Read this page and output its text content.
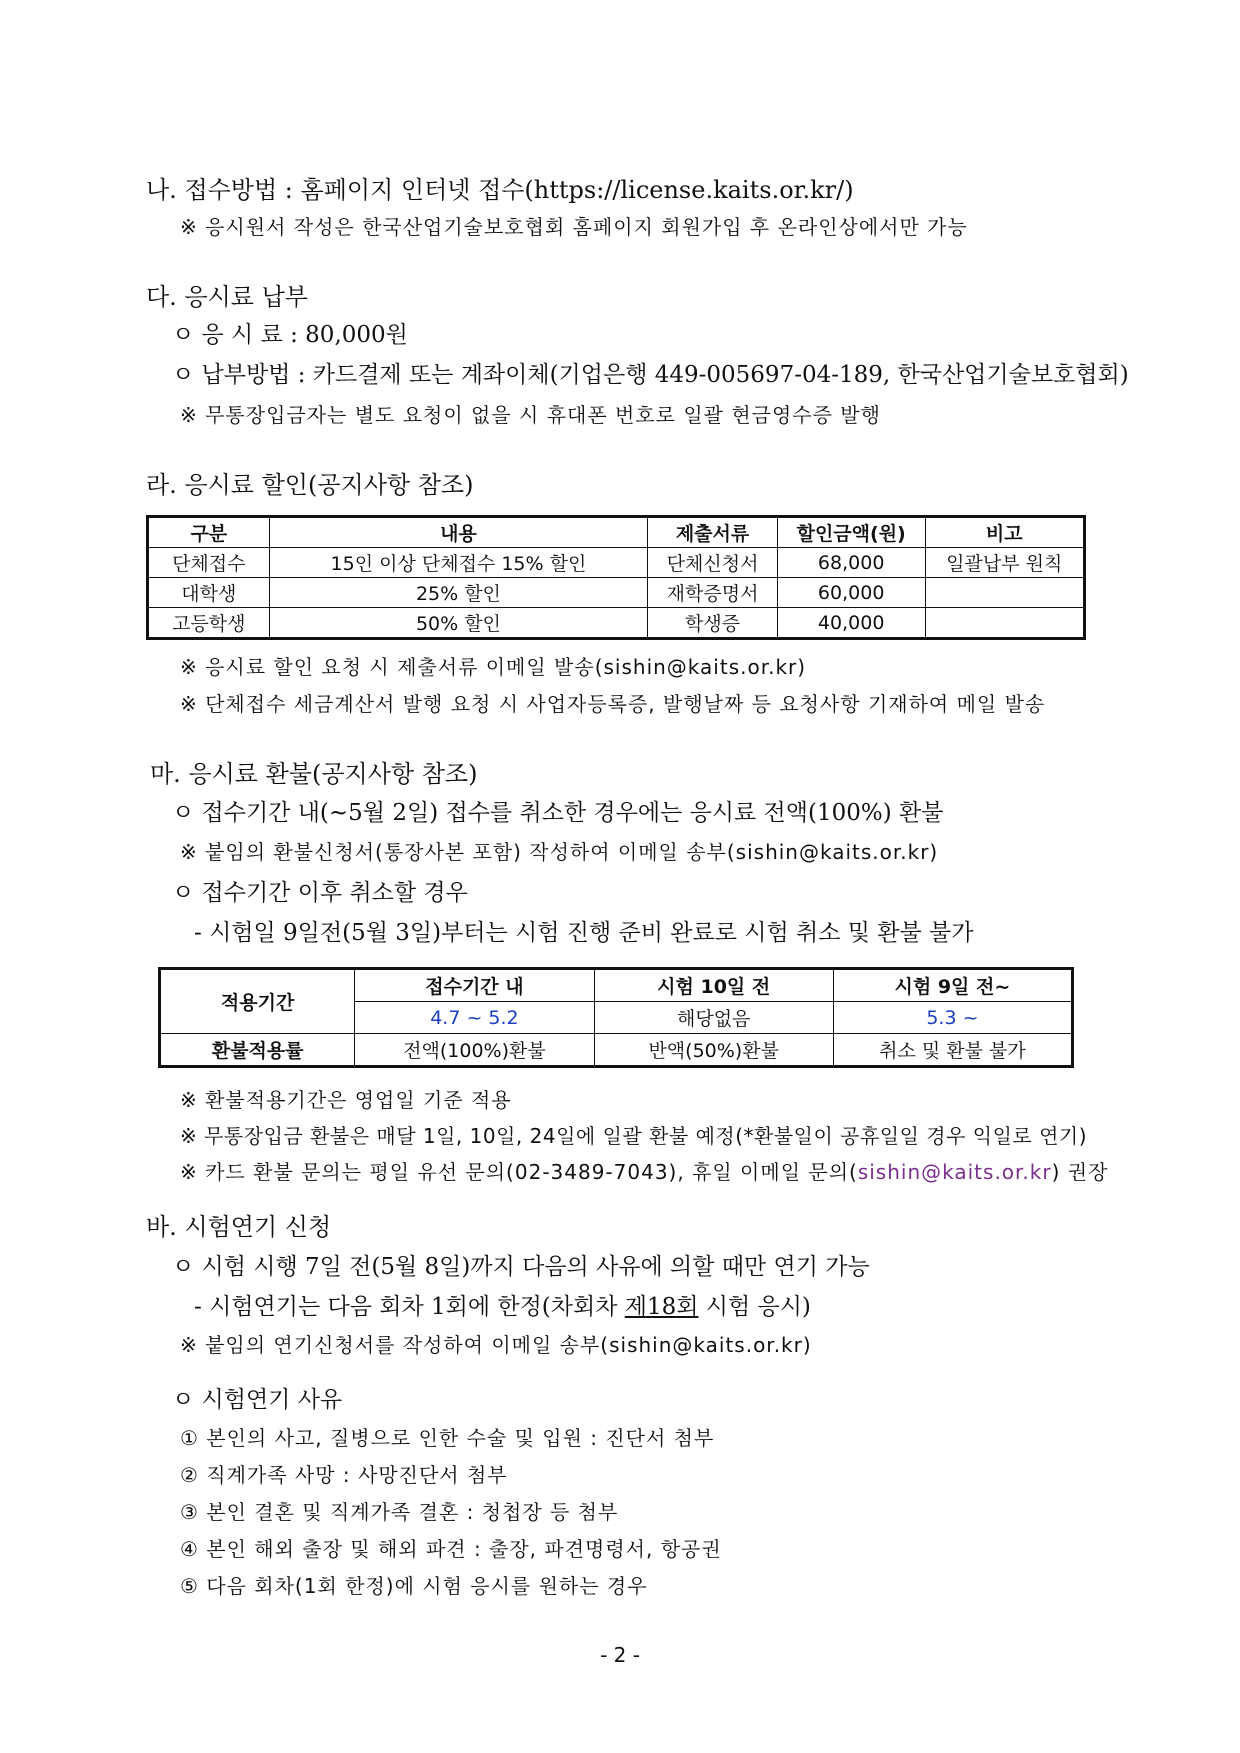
나. 접수방법 : 홈페이지 인터넷 접수(https://license.kaits.or.kr/)
※ 응시원서 작성은 한국산업기술보호협회 홈페이지 회원가입 후 온라인상에서만 가능
다. 응시료 납부
ㅇ 응 시 료 : 80,000원
ㅇ 납부방법 : 카드결제 또는 계좌이체(기업은행 449-005697-04-189, 한국산업기술보호협회)
※ 무통장입금자는 별도 요청이 없을 시 휴대폰 번호로 일괄 현금영수증 발행
라. 응시료 할인(공지사항 참조)
구분	내용	제출서류	할인금액(원)	비고
단체접수	15인 이상 단체접수 15% 할인	단체신청서	68,000	일괄납부 원칙
대학생	25% 할인	재학증명서	60,000	
고등학생	50% 할인	학생증	40,000	
※ 응시료 할인 요청 시 제출서류 이메일 발송(sishin@kaits.or.kr)
※ 단체접수 세금계산서 발행 요청 시 사업자등록증, 발행날짜 등 요청사항 기재하여 메일 발송
마. 응시료 환불(공지사항 참조)
ㅇ 접수기간 내(~5월 2일) 접수를 취소한 경우에는 응시료 전액(100%) 환불
※ 붙임의 환불신청서(통장사본 포함) 작성하여 이메일 송부(sishin@kaits.or.kr)
ㅇ 접수기간 이후 취소할 경우
- 시험일 9일전(5월 3일)부터는 시험 진행 준비 완료로 시험 취소 및 환불 불가
적용기간	접수기간 내	시험 10일 전	시험 9일 전~
	4.7 ~ 5.2	해당없음	5.3 ~
환불적용률	전액(100%)환불	반액(50%)환불	취소 및 환불 불가
※ 환불적용기간은 영업일 기준 적용
※ 무통장입금 환불은 매달 1일, 10일, 24일에 일괄 환불 예정(*환불일이 공휴일일 경우 익일로 연기)
※ 카드 환불 문의는 평일 유선 문의(02-3489-7043), 휴일 이메일 문의(sishin@kaits.or.kr) 권장
바. 시험연기 신청
ㅇ 시험 시행 7일 전(5월 8일)까지 다음의 사유에 의할 때만 연기 가능
- 시험연기는 다음 회차 1회에 한정(차회차 제18회 시험 응시)
※ 붙임의 연기신청서를 작성하여 이메일 송부(sishin@kaits.or.kr)
ㅇ 시험연기 사유
① 본인의 사고, 질병으로 인한 수술 및 입원 : 진단서 첨부
② 직계가족 사망 : 사망진단서 첨부
③ 본인 결혼 및 직계가족 결혼 : 청첩장 등 첨부
④ 본인 해외 출장 및 해외 파견 : 출장, 파견명령서, 항공권
⑤ 다음 회차(1회 한정)에 시험 응시를 원하는 경우
- 2 -
